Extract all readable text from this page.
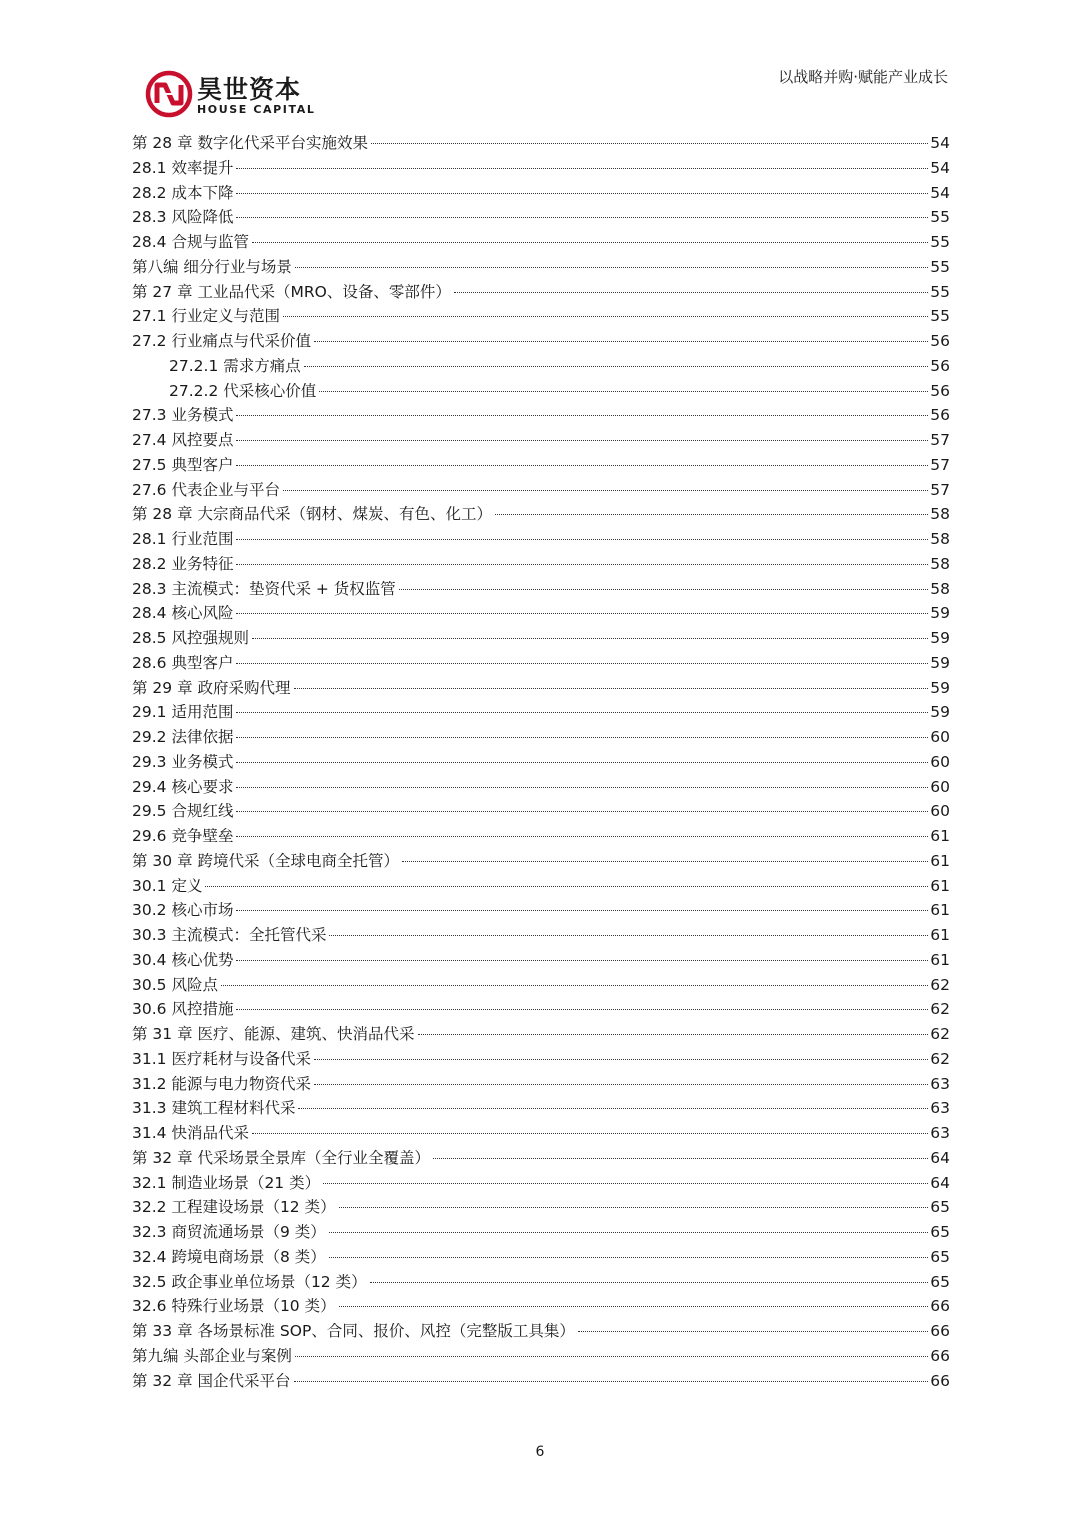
昊世资本
HOUSE CAPITAL
以战略并购·赋能产业成长
第 28 章 数字化代采平台实施效果	54
28.1 效率提升	54
28.2 成本下降	54
28.3 风险降低	55
28.4 合规与监管	55
第八编 细分行业与场景	55
第 27 章 工业品代采（MRO、设备、零部件）	55
27.1 行业定义与范围	55
27.2 行业痛点与代采价值	56
27.2.1 需求方痛点	56
27.2.2 代采核心价值	56
27.3 业务模式	56
27.4 风控要点	57
27.5 典型客户	57
27.6 代表企业与平台	57
第 28 章 大宗商品代采（钢材、煤炭、有色、化工）	58
28.1 行业范围	58
28.2 业务特征	58
28.3 主流模式：垫资代采 + 货权监管	58
28.4 核心风险	59
28.5 风控强规则	59
28.6 典型客户	59
第 29 章 政府采购代理	59
29.1 适用范围	59
29.2 法律依据	60
29.3 业务模式	60
29.4 核心要求	60
29.5 合规红线	60
29.6 竞争壁垒	61
第 30 章 跨境代采（全球电商全托管）	61
30.1 定义	61
30.2 核心市场	61
30.3 主流模式：全托管代采	61
30.4 核心优势	61
30.5 风险点	62
30.6 风控措施	62
第 31 章 医疗、能源、建筑、快消品代采	62
31.1 医疗耗材与设备代采	62
31.2 能源与电力物资代采	63
31.3 建筑工程材料代采	63
31.4 快消品代采	63
第 32 章 代采场景全景库（全行业全覆盖）	64
32.1 制造业场景（21 类）	64
32.2 工程建设场景（12 类）	65
32.3 商贸流通场景（9 类）	65
32.4 跨境电商场景（8 类）	65
32.5 政企事业单位场景（12 类）	65
32.6 特殊行业场景（10 类）	66
第 33 章 各场景标准 SOP、合同、报价、风控（完整版工具集）	66
第九编 头部企业与案例	66
第 32 章 国企代采平台	66
6
